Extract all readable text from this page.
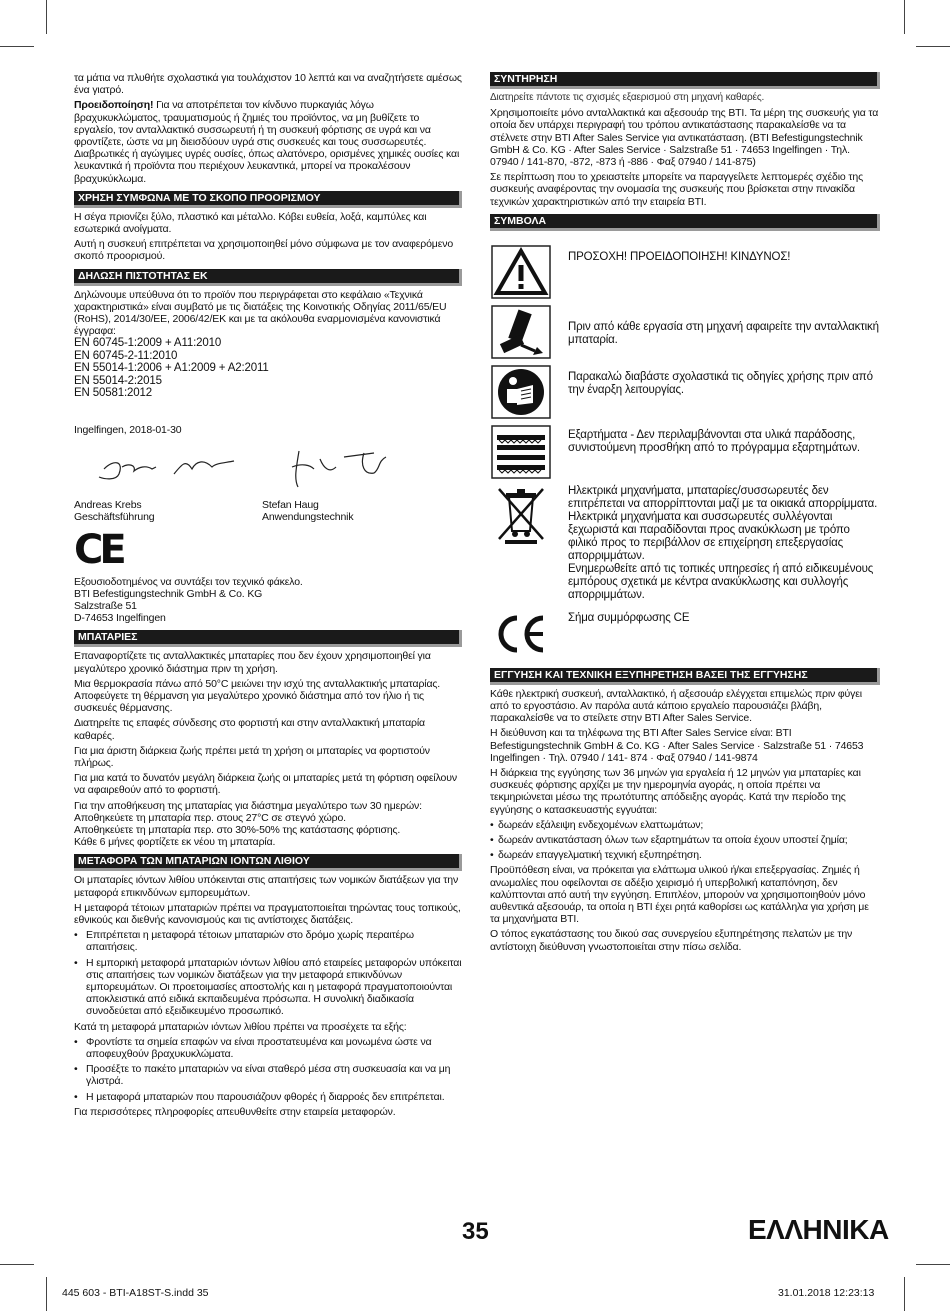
τα μάτια να πλυθήτε σχολαστικά για τουλάχιστον 10 λεπτά και να αναζητήσετε αμέσως ένα γιατρό.

Προειδοποίηση! Για να αποτρέπεται τον κίνδυνο πυρκαγιάς λόγω βραχυκυκλώματος, τραυματισμούς ή ζημιές του προϊόντος, να μη βυθίζετε το εργαλείο, τον ανταλλακτικό συσσωρευτή ή τη συσκευή φόρτισης σε υγρά και να φροντίζετε, ώστε να μη διεισδύουν υγρά στις συσκευές και τους συσσωρευτές. Διαβρωτικές ή αγώγιμες υγρές ουσίες, όπως αλατόνερο, ορισμένες χημικές ουσίες και λευκαντικά ή προϊόντα που περιέχουν λευκαντικά, μπορεί να προκαλέσουν βραχυκύκλωμα.

ΧΡΗΣΗ ΣΥΜΦΩΝΑ ΜΕ ΤΟ ΣΚΟΠΟ ΠΡΟΟΡΙΣΜΟΥ

Η σέγα πριονίζει ξύλο, πλαστικό και μέταλλο. Κόβει ευθεία, λοξά, καμπύλες και εσωτερικά ανοίγματα.

Αυτή η συσκευή επιτρέπεται να χρησιμοποιηθεί μόνο σύμφωνα με τον αναφερόμενο σκοπό προορισμού.

ΔΗΛΩΣΗ ΠΙΣΤΟΤΗΤΑΣ ΕΚ

Δηλώνουμε υπεύθυνα ότι το προϊόν που περιγράφεται στο κεφάλαιο «Τεχνικά χαρακτηριστικά» είναι συμβατό με τις διατάξεις της Κοινοτικής Οδηγίας 2011/65/EU (RoHS), 2014/30/EE, 2006/42/EK και με τα ακόλουθα εναρμονισμένα κανονιστικά έγγραφα:

EN 60745-1:2009 + A11:2010

EN 60745-2-11:2010

EN 55014-1:2006 + A1:2009 + A2:2011

EN 55014-2:2015

EN 50581:2012

Ingelfingen, 2018-01-30

Andreas Krebs

Geschäftsführung

Stefan Haug

Anwendungstechnik

CE

Εξουσιοδοτημένος να συντάξει τον τεχνικό φάκελο.

BTI Befestigungstechnik GmbH & Co. KG

Salzstraße 51

D-74653 Ingelfingen

ΜΠΑΤΑΡΙΕΣ

Επαναφορτίζετε τις ανταλλακτικές μπαταρίες που δεν έχουν χρησιμοποιηθεί για μεγαλύτερο χρονικό διάστημα πριν τη χρήση.

Μια θερμοκρασία πάνω από 50°C μειώνει την ισχύ της ανταλλακτικής μπαταρίας. Αποφεύγετε τη θέρμανση για μεγαλύτερο χρονικό διάστημα από τον ήλιο ή τις συσκευές θέρμανσης.

Διατηρείτε τις επαφές σύνδεσης στο φορτιστή και στην ανταλλακτική μπαταρία καθαρές.

Για μια άριστη διάρκεια ζωής πρέπει μετά τη χρήση οι μπαταρίες να φορτιστούν πλήρως.

Για μια κατά το δυνατόν μεγάλη διάρκεια ζωής οι μπαταρίες μετά τη φόρτιση οφείλουν να αφαιρεθούν από το φορτιστή.

Για την αποθήκευση της μπαταρίας για διάστημα μεγαλύτερο των 30 ημερών:

Αποθηκεύετε τη μπαταρία περ. στους 27°C σε στεγνό χώρο.

Αποθηκεύετε τη μπαταρία περ. στο 30%-50% της κατάστασης φόρτισης.

Κάθε 6 μήνες φορτίζετε εκ νέου τη μπαταρία.

ΜΕΤΑΦΟΡΑ ΤΩΝ ΜΠΑΤΑΡΙΩΝ ΙΟΝΤΩΝ ΛΙΘΙΟΥ

Οι μπαταρίες ιόντων λιθίου υπόκεινται στις απαιτήσεις των νομικών διατάξεων για την μεταφορά επικινδύνων εμπορευμάτων.

Η μεταφορά τέτοιων μπαταριών πρέπει να πραγματοποιείται τηρώντας τους τοπικούς, εθνικούς και διεθνής κανονισμούς και τις αντίστοιχες διατάξεις.

• Επιτρέπεται η μεταφορά τέτοιων μπαταριών στο δρόμο χωρίς περαιτέρω απαιτήσεις.
• Η εμπορική μεταφορά μπαταριών ιόντων λιθίου από εταιρείες μεταφορών υπόκειται στις απαιτήσεις των νομικών διατάξεων για την μεταφορά επικινδύνων εμπορευμάτων. Οι προετοιμασίες αποστολής και η μεταφορά πραγματοποιούνται αποκλειστικά από ειδικά εκπαιδευμένα πρόσωπα. Η συνολική διαδικασία συνοδεύεται από εξειδικευμένο προσωπικό.

Κατά τη μεταφορά μπαταριών ιόντων λιθίου πρέπει να προσέχετε τα εξής:

• Φροντίστε τα σημεία επαφών να είναι προστατευμένα και μονωμένα ώστε να αποφευχθούν βραχυκυκλώματα.
• Προσέξτε το πακέτο μπαταριών να είναι σταθερό μέσα στη συσκευασία και να μη γλιστρά.
• Η μεταφορά μπαταριών που παρουσιάζουν φθορές ή διαρροές δεν επιτρέπεται.

Για περισσότερες πληροφορίες απευθυνθείτε στην εταιρεία μεταφορών.

ΣΥΝΤΗΡΗΣΗ

Διατηρείτε πάντοτε τις σχισμές εξαερισμού στη μηχανή καθαρές.

Χρησιμοποιείτε μόνο ανταλλακτικά και αξεσουάρ της BTI. Τα μέρη της συσκευής για τα οποία δεν υπάρχει περιγραφή του τρόπου αντικατάστασης παρακαλείσθε να τα στέλνετε στην BTI After Sales Service για αντικατάσταση. (BTI Befestigungstechnik GmbH & Co. KG · After Sales Service · Salzstraße 51 · 74653 Ingelfingen · Τηλ. 07940 / 141-870, -872, -873 ή -886 · Φαξ 07940 / 141-875)

Σε περίπτωση που το χρειαστείτε μπορείτε να παραγγείλετε λεπτομερές σχέδιο της συσκευής αναφέροντας την ονομασία της συσκευής που βρίσκεται στην πινακίδα τεχνικών χαρακτηριστικών από την εταιρεία BTI.

ΣΥΜΒΟΛΑ

ΠΡΟΣΟΧΗ! ΠΡΟΕΙΔΟΠΟΙΗΣΗ! ΚΙΝΔΥΝΟΣ!

Πριν από κάθε εργασία στη μηχανή αφαιρείτε την ανταλλακτική μπαταρία.

Παρακαλώ διαβάστε σχολαστικά τις οδηγίες χρήσης πριν από την έναρξη λειτουργίας.

Εξαρτήματα - Δεν περιλαμβάνονται στα υλικά παράδοσης, συνιστούμενη προσθήκη από το πρόγραμμα εξαρτημάτων.

Ηλεκτρικά μηχανήματα, μπαταρίες/συσσωρευτές δεν επιτρέπεται να απορρίπτονται μαζί με τα οικιακά απορρίμματα.

Ηλεκτρικά μηχανήματα και συσσωρευτές συλλέγονται ξεχωριστά και παραδίδονται προς ανακύκλωση με τρόπο φιλικό προς το περιβάλλον σε επιχείρηση επεξεργασίας απορριμμάτων.

Ενημερωθείτε από τις τοπικές υπηρεσίες ή από ειδικευμένους εμπόρους σχετικά με κέντρα ανακύκλωσης και συλλογής απορριμμάτων.

Σήμα συμμόρφωσης CE

ΕΓΓΥΗΣΗ ΚΑΙ ΤΕΧΝΙΚΗ ΕΞΥΠΗΡΕΤΗΣΗ ΒΑΣΕΙ ΤΗΣ ΕΓΓΥΗΣΗΣ

Κάθε ηλεκτρική συσκευή, ανταλλακτικό, ή αξεσουάρ ελέγχεται επιμελώς πριν φύγει από το εργοστάσιο. Αν παρόλα αυτά κάποιο εργαλείο παρουσιάζει βλάβη, παρακαλείσθε να το στείλετε στην BTI After Sales Service.

Η διεύθυνση και τα τηλέφωνα της BTI After Sales Service είναι: BTI Befestigungstechnik GmbH & Co. KG · After Sales Service · Salzstraße 51 · 74653 Ingelfingen · Τηλ. 07940 / 141- 874 · Φαξ 07940 / 141-9874

Η διάρκεια της εγγύησης των 36 μηνών για εργαλεία ή 12 μηνών για μπαταρίες και συσκευές φόρτισης αρχίζει με την ημερομηνία αγοράς, η οποία πρέπει να τεκμηριώνεται μέσω της πρωτότυπης απόδειξης αγοράς. Κατά την περίοδο της εγγύησης ο κατασκευαστής εγγυάται:

• δωρεάν εξάλειψη ενδεχομένων ελαττωμάτων;
• δωρεάν αντικατάσταση όλων των εξαρτημάτων τα οποία έχουν υποστεί ζημία;
• δωρεάν επαγγελματική τεχνική εξυπηρέτηση.

Προϋπόθεση είναι, να πρόκειται για ελάττωμα υλικού ή/και επεξεργασίας. Ζημιές ή ανωμαλίες που οφείλονται σε αδέξιο χειρισμό ή υπερβολική καταπόνηση, δεν καλύπτονται από αυτή την εγγύηση. Επιπλέον, μπορούν να χρησιμοποιηθούν μόνο αυθεντικά αξεσουάρ, τα οποία η BTI έχει ρητά καθορίσει ως κατάλληλα για χρήση με τα μηχανήματα BTI.

Ο τόπος εγκατάστασης του δικού σας συνεργείου εξυπηρέτησης πελατών με την αντίστοιχη διεύθυνση γνωστοποιείται στην πίσω σελίδα.

35	ΕΛΛΗΝΙΚΑ
445 603 - BTI-A18ST-S.indd 35	31.01.2018 12:23:13
